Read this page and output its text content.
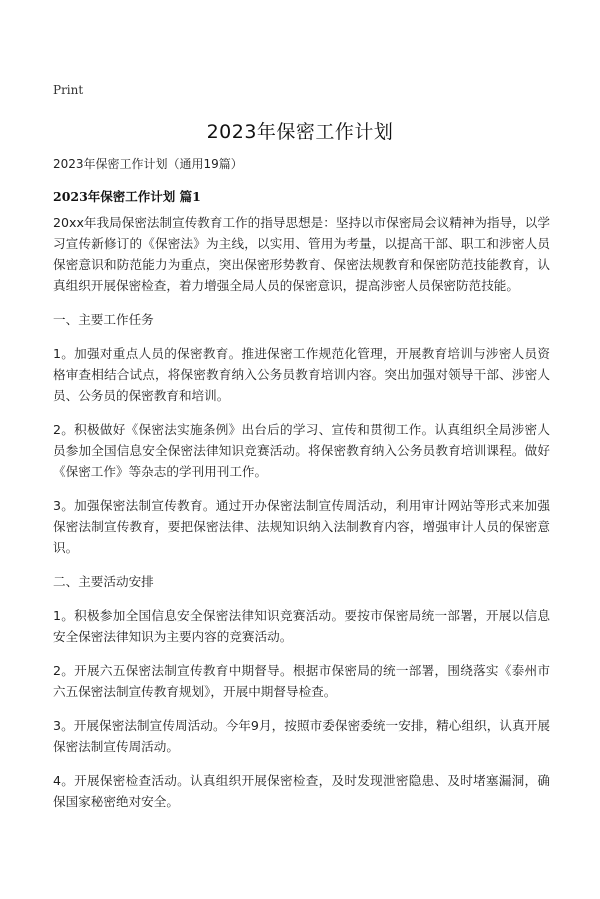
Print
2023年保密工作计划
2023年保密工作计划（通用19篇）
2023年保密工作计划 篇1

20xx年我局保密法制宣传教育工作的指导思想是：坚持以市保密局会议精神为指导，以学习宣传新修订的《保密法》为主线，以实用、管用为考量，以提高干部、职工和涉密人员保密意识和防范能力为重点，突出保密形势教育、保密法规教育和保密防范技能教育，认真组织开展保密检查，着力增强全局人员的保密意识，提高涉密人员保密防范技能。

一、主要工作任务

1。加强对重点人员的保密教育。推进保密工作规范化管理，开展教育培训与涉密人员资格审查相结合试点，将保密教育纳入公务员教育培训内容。突出加强对领导干部、涉密人员、公务员的保密教育和培训。

2。积极做好《保密法实施条例》出台后的学习、宣传和贯彻工作。认真组织全局涉密人员参加全国信息安全保密法律知识竞赛活动。将保密教育纳入公务员教育培训课程。做好《保密工作》等杂志的学刊用刊工作。

3。加强保密法制宣传教育。通过开办保密法制宣传周活动，利用审计网站等形式来加强保密法制宣传教育，要把保密法律、法规知识纳入法制教育内容，增强审计人员的保密意识。

二、主要活动安排

1。积极参加全国信息安全保密法律知识竞赛活动。要按市保密局统一部署，开展以信息安全保密法律知识为主要内容的竞赛活动。

2。开展六五保密法制宣传教育中期督导。根据市保密局的统一部署，围绕落实《泰州市六五保密法制宣传教育规划》，开展中期督导检查。

3。开展保密法制宣传周活动。今年9月，按照市委保密委统一安排，精心组织，认真开展保密法制宣传周活动。

4。开展保密检查活动。认真组织开展保密检查，及时发现泄密隐患、及时堵塞漏洞，确保国家秘密绝对安全。
